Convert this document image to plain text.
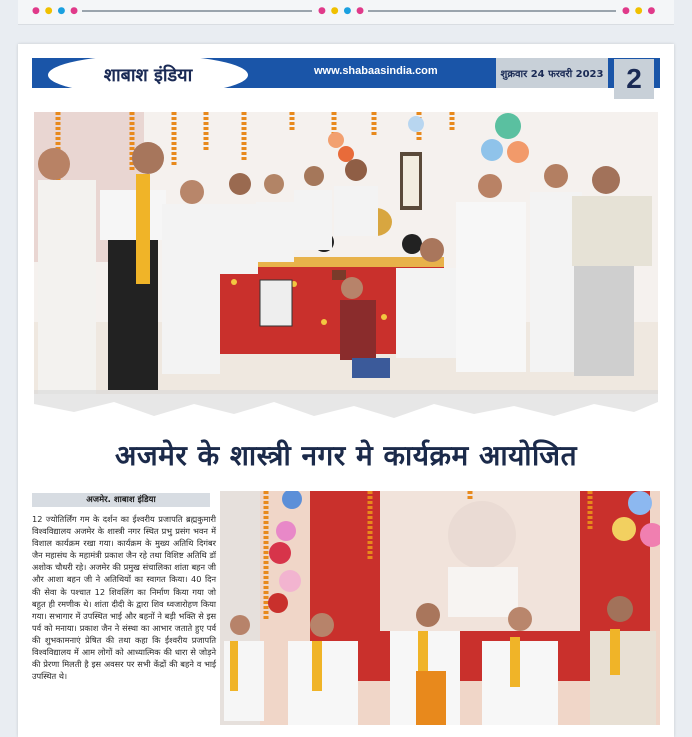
● ● ● ●	● ● ● ●	● ● ●
शाबाश इंडिया	www.shabaasindia.com	शुक्रवार 24 फरवरी 2023 2
अजमेर के शास्त्री नगर मे कार्यक्रम आयोजित
अजमेर. शाबाश इंडिया
12 ज्योतिर्लिंग गम के दर्शन का ईश्वरीय प्रजापति ब्रह्मकुमारी विश्वविद्यालय अजमेर के शास्त्री नगर स्थित प्रभु प्रसंग भवन में विशाल कार्यक्रम रखा गया। कार्यक्रम के मुख्य अतिथि दिगंबर जैन महासंघ के महामंत्री प्रकाश जैन रहे तथा विशिष्ट अतिथि डॉ अशोक चौधरी रहे। अजमेर की प्रमुख संचालिका शांता बहन जी और आशा बहन जी ने अतिथियों का स्वागत किया। 40 दिन की सेवा के पश्चात 12 शिवलिंग का निर्माण किया गया जो बहुत ही रमणीक थे। शांता दीदी के द्वारा शिव ध्वजारोहण किया गया। सभागार में उपस्थित भाई और बहनों ने बड़ी भक्ति से इस पर्व को मनाया। प्रकाश जैन ने संस्था का आभार जताते हुए पर्व की शुभकामनाएं प्रेषित की तथा कहा कि ईश्वरीय प्रजापति विश्वविद्यालय में आम लोगों को आध्यात्मिक की धारा से जोड़ने की प्रेरणा मिलती है इस अवसर पर सभी केंद्रों की बहने व भाई उपस्थित थे।
